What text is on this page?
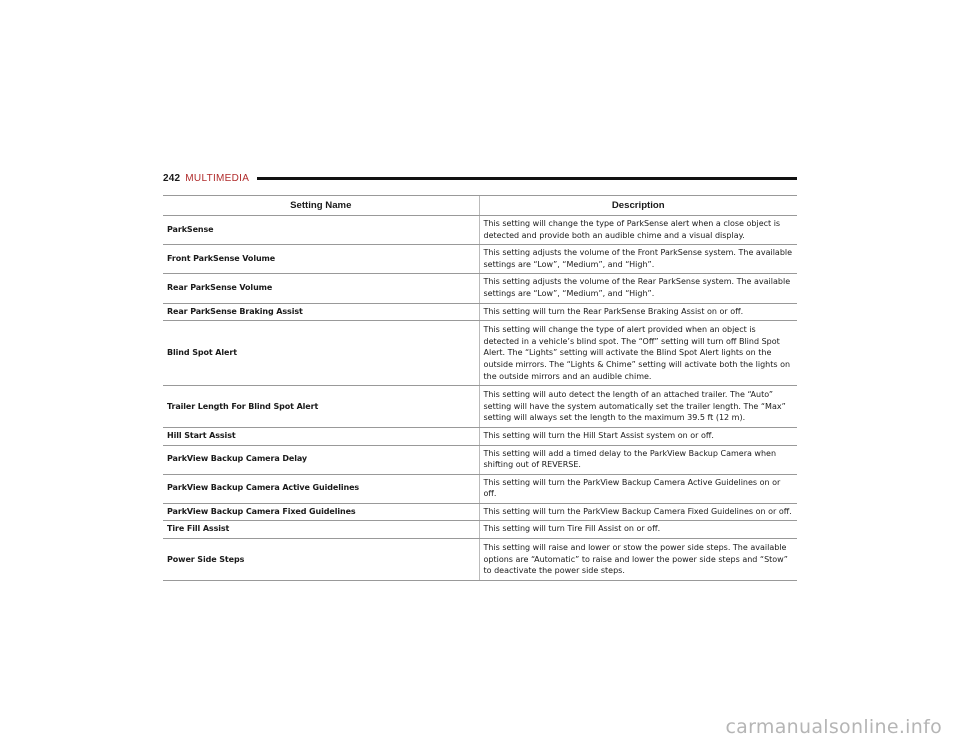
242 MULTIMEDIA
Setting Name	Description
ParkSense	This setting will change the type of ParkSense alert when a close object is detected and provide both an audible chime and a visual display.
Front ParkSense Volume	This setting adjusts the volume of the Front ParkSense system. The available settings are “Low”, “Medium”, and “High”.
Rear ParkSense Volume	This setting adjusts the volume of the Rear ParkSense system. The available settings are “Low”, “Medium”, and “High”.
Rear ParkSense Braking Assist	This setting will turn the Rear ParkSense Braking Assist on or off.
Blind Spot Alert	This setting will change the type of alert provided when an object is detected in a vehicle’s blind spot. The “Off” setting will turn off Blind Spot Alert. The “Lights” setting will activate the Blind Spot Alert lights on the outside mirrors. The “Lights & Chime” setting will activate both the lights on the outside mirrors and an audible chime.
Trailer Length For Blind Spot Alert	This setting will auto detect the length of an attached trailer. The “Auto” setting will have the system automatically set the trailer length. The “Max” setting will always set the length to the maximum 39.5 ft (12 m).
Hill Start Assist	This setting will turn the Hill Start Assist system on or off.
ParkView Backup Camera Delay	This setting will add a timed delay to the ParkView Backup Camera when shifting out of REVERSE.
ParkView Backup Camera Active Guidelines	This setting will turn the ParkView Backup Camera Active Guidelines on or off.
ParkView Backup Camera Fixed Guidelines	This setting will turn the ParkView Backup Camera Fixed Guidelines on or off.
Tire Fill Assist	This setting will turn Tire Fill Assist on or off.
Power Side Steps	This setting will raise and lower or stow the power side steps. The available options are “Automatic” to raise and lower the power side steps and “Stow” to deactivate the power side steps.
carmanualsonline.info
